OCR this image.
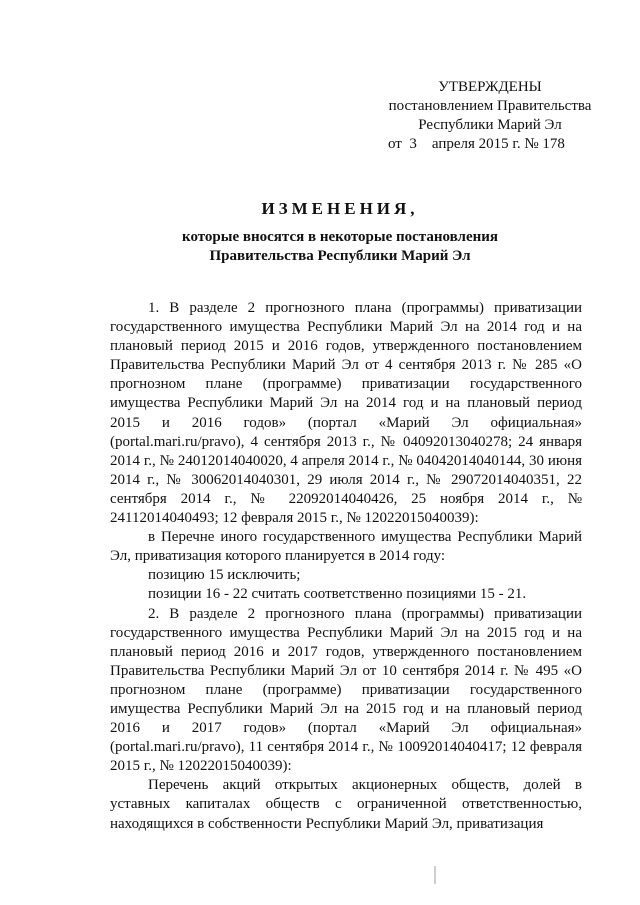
УТВЕРЖДЕНЫ
постановлением Правительства
Республики Марий Эл
от  3    апреля 2015 г. № 178
ИЗМЕНЕНИЯ,
которые вносятся в некоторые постановления
Правительства Республики Марий Эл

1. В разделе 2 прогнозного плана (программы) приватизации государственного имущества Республики Марий Эл на 2014 год и на плановый период 2015 и 2016 годов, утвержденного постановлением Правительства Республики Марий Эл от 4 сентября 2013 г. № 285 «О прогнозном плане (программе) приватизации государственного имущества Республики Марий Эл на 2014 год и на плановый период 2015 и 2016 годов» (портал «Марий Эл официальная» (portal.mari.ru/pravo), 4 сентября 2013 г., № 04092013040278; 24 января 2014 г., № 24012014040020, 4 апреля 2014 г., № 04042014040144, 30 июня 2014 г., № 30062014040301, 29 июля 2014 г., № 29072014040351, 22 сентября 2014 г., № 22092014040426, 25 ноября 2014 г., № 24112014040493; 12 февраля 2015 г., № 12022015040039):

в Перечне иного государственного имущества Республики Марий Эл, приватизация которого планируется в 2014 году:

позицию 15 исключить;

позиции 16 - 22 считать соответственно позициями 15 - 21.

2. В разделе 2 прогнозного плана (программы) приватизации государственного имущества Республики Марий Эл на 2015 год и на плановый период 2016 и 2017 годов, утвержденного постановлением Правительства Республики Марий Эл от 10 сентября 2014 г. № 495 «О прогнозном плане (программе) приватизации государственного имущества Республики Марий Эл на 2015 год и на плановый период 2016 и 2017 годов» (портал «Марий Эл официальная» (portal.mari.ru/pravo), 11 сентября 2014 г., № 10092014040417; 12 февраля 2015 г., № 12022015040039):

Перечень акций открытых акционерных обществ, долей в уставных капиталах обществ с ограниченной ответственностью, находящихся в собственности Республики Марий Эл, приватизация
